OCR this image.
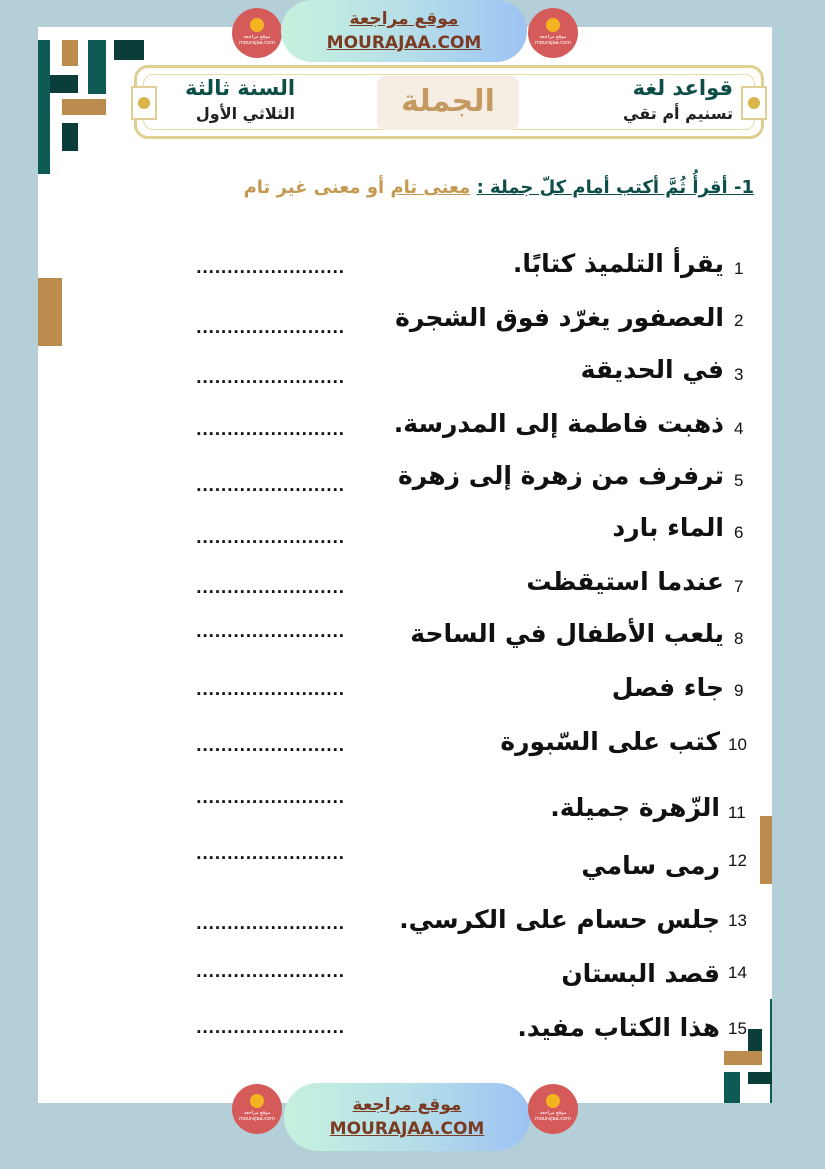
الجملة	قواعد لغة
تسنيم أم تقي
السنة ثالثة
الثلاثي الأول
1- أقرأُ ثُمَّ أكتب أمام كلّ جملة : معنى تام أو معنى غير تام
1
يقرأ التلميذ كتابًا.
........................
2
العصفور يغرّد فوق الشجرة
........................
3
في الحديقة
........................
4
ذهبت فاطمة إلى المدرسة.
........................
5
ترفرف من زهرة إلى زهرة
........................
6
الماء بارد
........................
7
عندما استيقظت
........................
8
يلعب الأطفال في الساحة
........................
9
جاء فصل
........................
10
كتب على السّبورة
........................
11
الزّهرة جميلة.
........................
12
رمى سامي
........................
13
جلس حسام على الكرسي.
........................
14
قصد البستان
........................
15
هذا الكتاب مفيد.
........................
موقع مراجعة
mourajaa.com
موقع مراجعة
MOURAJAA.COM	موقع مراجعة
mourajaa.com
موقع مراجعة
mourajaa.com
موقع مراجعة
MOURAJAA.COM
موقع مراجعة
mourajaa.com
